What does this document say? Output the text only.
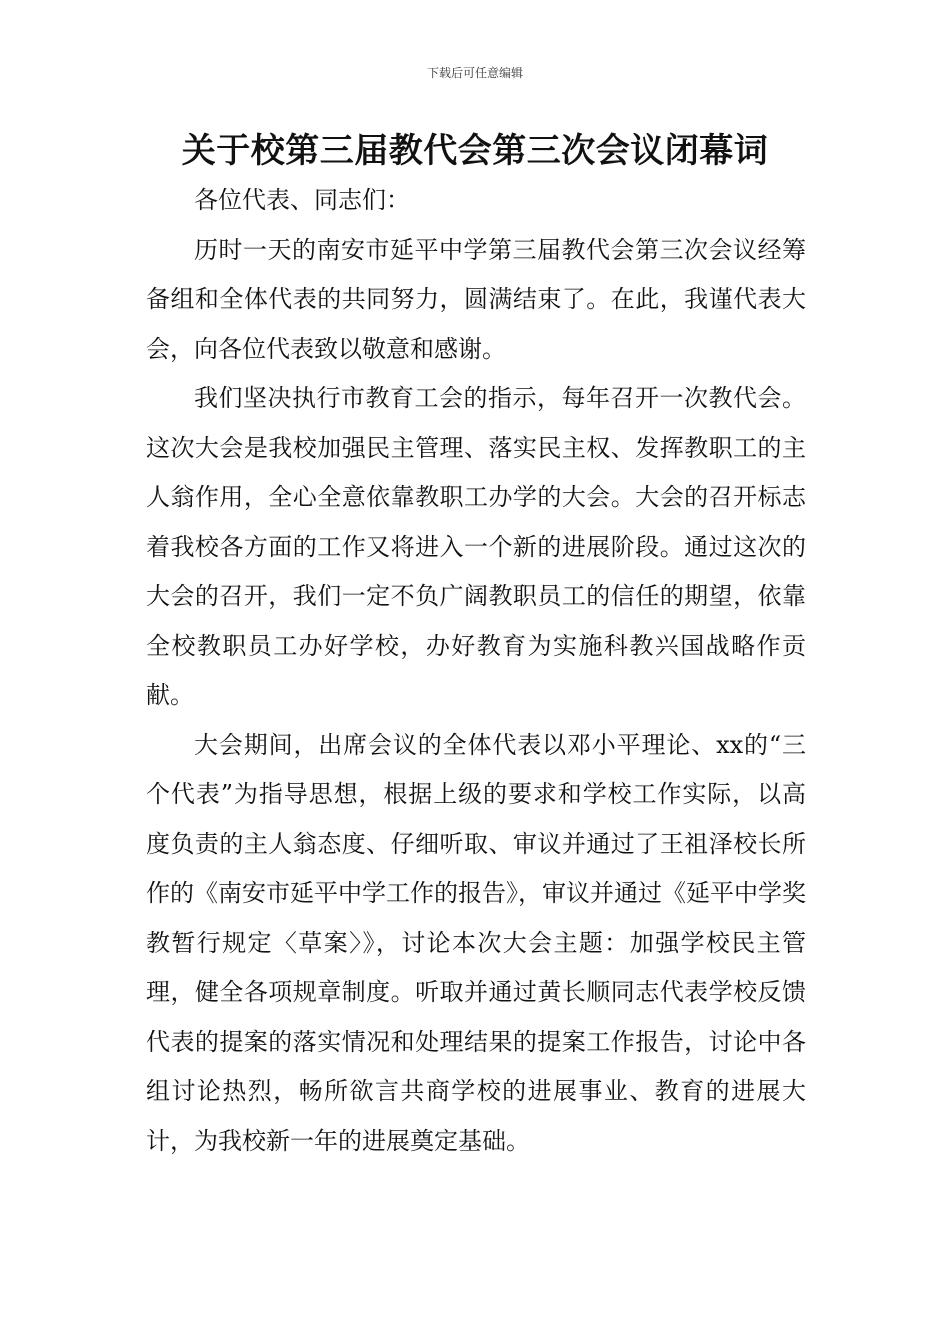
下载后可任意编辑
关于校第三届教代会第三次会议闭幕词

各位代表、同志们：

历时一天的南安市延平中学第三届教代会第三次会议经筹备组和全体代表的共同努力，圆满结束了。在此，我谨代表大会，向各位代表致以敬意和感谢。

我们坚决执行市教育工会的指示，每年召开一次教代会。这次大会是我校加强民主管理、落实民主权、发挥教职工的主人翁作用，全心全意依靠教职工办学的大会。大会的召开标志着我校各方面的工作又将进入一个新的进展阶段。通过这次的大会的召开，我们一定不负广阔教职员工的信任的期望，依靠全校教职员工办好学校，办好教育为实施科教兴国战略作贡献。

大会期间，出席会议的全体代表以邓小平理论、xx的“三个代表”为指导思想，根据上级的要求和学校工作实际，以高度负责的主人翁态度、仔细听取、审议并通过了王祖泽校长所作的《南安市延平中学工作的报告》，审议并通过《延平中学奖教暂行规定〈草案〉》，讨论本次大会主题：加强学校民主管理，健全各项规章制度。听取并通过黄长顺同志代表学校反馈代表的提案的落实情况和处理结果的提案工作报告，讨论中各组讨论热烈，畅所欲言共商学校的进展事业、教育的进展大计，为我校新一年的进展奠定基础。
